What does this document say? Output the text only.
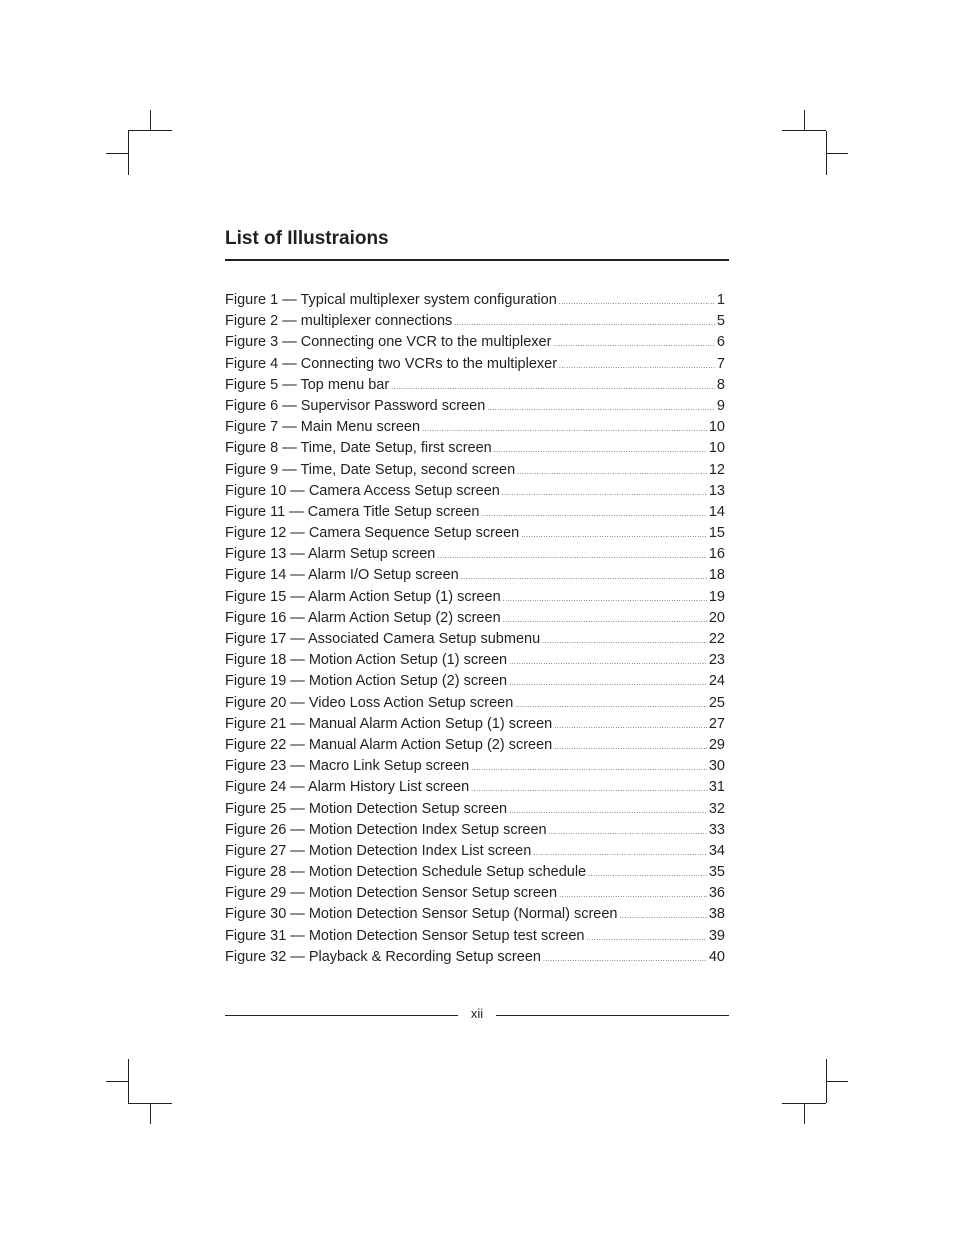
List of Illustraions
Figure 1 — Typical multiplexer system configuration .....	1
Figure 2 — multiplexer connections .....	5
Figure 3 — Connecting one VCR to the multiplexer .....	6
Figure 4 — Connecting two VCRs to the multiplexer .....	7
Figure 5 — Top menu bar .....	8
Figure 6 — Supervisor Password screen .....	9
Figure 7 — Main Menu screen .....	10
Figure 8 — Time, Date Setup, first screen .....	10
Figure 9 — Time, Date Setup, second screen .....	12
Figure 10 — Camera Access Setup screen .....	13
Figure 11 — Camera Title Setup screen .....	14
Figure 12 — Camera Sequence Setup screen .....	15
Figure 13 — Alarm Setup screen .....	16
Figure 14 — Alarm I/O Setup screen .....	18
Figure 15 — Alarm Action Setup (1) screen .....	19
Figure 16 — Alarm Action Setup (2) screen .....	20
Figure 17 — Associated Camera Setup submenu .....	22
Figure 18 — Motion Action Setup (1) screen .....	23
Figure 19 — Motion Action Setup (2) screen .....	24
Figure 20 — Video Loss Action Setup screen .....	25
Figure 21 — Manual Alarm Action Setup (1) screen .....	27
Figure 22 — Manual Alarm Action Setup (2) screen .....	29
Figure 23 — Macro Link Setup screen .....	30
Figure 24 — Alarm History List screen .....	31
Figure 25 — Motion Detection Setup screen .....	32
Figure 26 — Motion Detection Index Setup screen .....	33
Figure 27 — Motion Detection Index List screen .....	34
Figure 28 — Motion Detection Schedule Setup schedule .....	35
Figure 29 — Motion Detection Sensor Setup screen .....	36
Figure 30 — Motion Detection Sensor Setup (Normal) screen .....	38
Figure 31 — Motion Detection Sensor Setup test screen .....	39
Figure 32 — Playback & Recording Setup screen .....	40
xii
